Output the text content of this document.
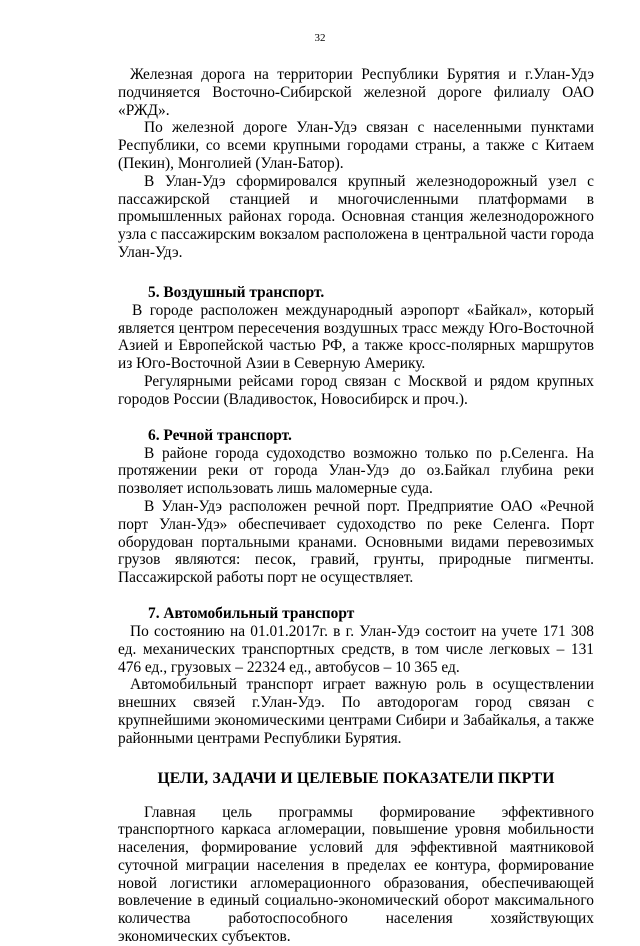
32

Железная дорога на территории Республики Бурятия и г.Улан-Удэ подчиняется Восточно-Сибирской железной дороге филиалу ОАО «РЖД».

По железной дороге Улан-Удэ связан с населенными пунктами Республики, со всеми крупными городами страны, а также с Китаем (Пекин), Монголией (Улан-Батор).

В Улан-Удэ сформировался крупный железнодорожный узел с пассажирской станцией и многочисленными платформами в промышленных районах города. Основная станция железнодорожного узла с пассажирским вокзалом расположена в центральной части города Улан-Удэ.

5. Воздушный транспорт.

В городе расположен международный аэропорт «Байкал», который является центром пересечения воздушных трасс между Юго-Восточной Азией и Европейской частью РФ, а также кросс-полярных маршрутов из Юго-Восточной Азии в Северную Америку.

Регулярными рейсами город связан с Москвой и рядом крупных городов России (Владивосток, Новосибирск и проч.).

6. Речной транспорт.

В районе города судоходство возможно только по р.Селенга. На протяжении реки от города Улан-Удэ до оз.Байкал глубина реки позволяет использовать лишь маломерные суда.

В Улан-Удэ расположен речной порт. Предприятие ОАО «Речной порт Улан-Удэ» обеспечивает судоходство по реке Селенга. Порт оборудован портальными кранами. Основными видами перевозимых грузов являются: песок, гравий, грунты, природные пигменты. Пассажирской работы порт не осуществляет.

7. Автомобильный транспорт

По состоянию на 01.01.2017г. в г. Улан-Удэ состоит на учете 171 308 ед. механических транспортных средств, в том числе легковых – 131 476 ед., грузовых – 22324 ед., автобусов – 10 365 ед.

Автомобильный транспорт играет важную роль в осуществлении внешних связей г.Улан-Удэ. По автодорогам город связан с крупнейшими экономическими центрами Сибири и Забайкалья, а также районными центрами Республики Бурятия.

ЦЕЛИ, ЗАДАЧИ И ЦЕЛЕВЫЕ ПОКАЗАТЕЛИ ПКРТИ

Главная цель программы формирование эффективного транспортного каркаса агломерации, повышение уровня мобильности населения, формирование условий для эффективной маятниковой суточной миграции населения в пределах ее контура, формирование новой логистики агломерационного образования, обеспечивающей вовлечение в единый социально-экономический оборот максимального количества работоспособного населения хозяйствующих экономических субъектов.
